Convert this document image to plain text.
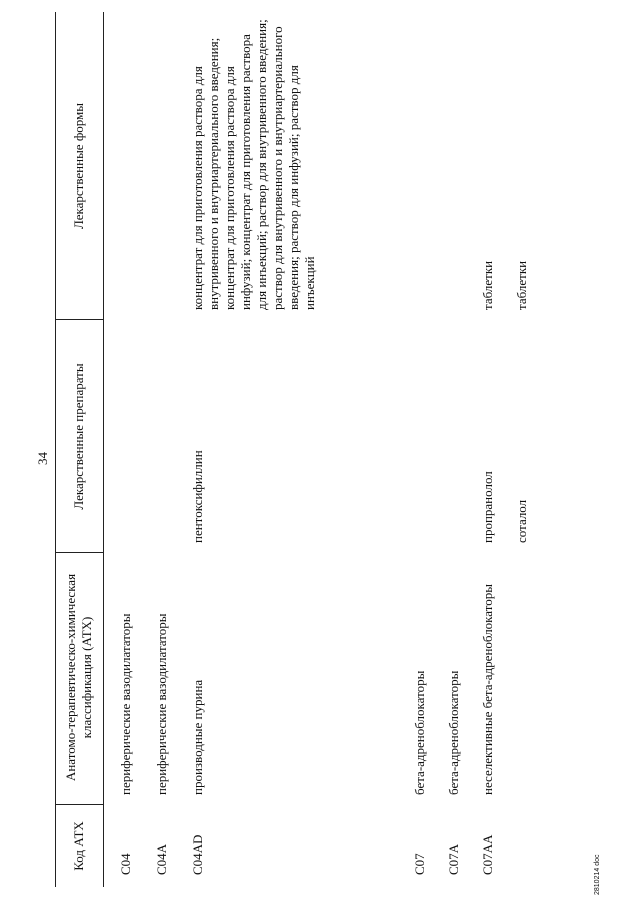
34
Код АТХ
Анатомо-терапевтическо-химическая классификация (АТХ)
Лекарственные препараты
Лекарственные формы
С04
периферические вазодилататоры
С04А
периферические вазодилататоры
С04АD
производные пурина
пентоксифиллин
концентрат для приготовления раствора для внутривенного и внутриартериального введения; концентрат для приготовления раствора для инфузий; концентрат для приготовления раствора для инъекций; раствор для внутривенного введения; раствор для внутривенного и внутриартериального введения; раствор для инфузий; раствор для инъекций
С07
бета-адреноблокаторы
С07А
бета-адреноблокаторы
С07АА
неселективные бета-адреноблокаторы
пропранолол
таблетки
соталол
таблетки
2810214 doc
